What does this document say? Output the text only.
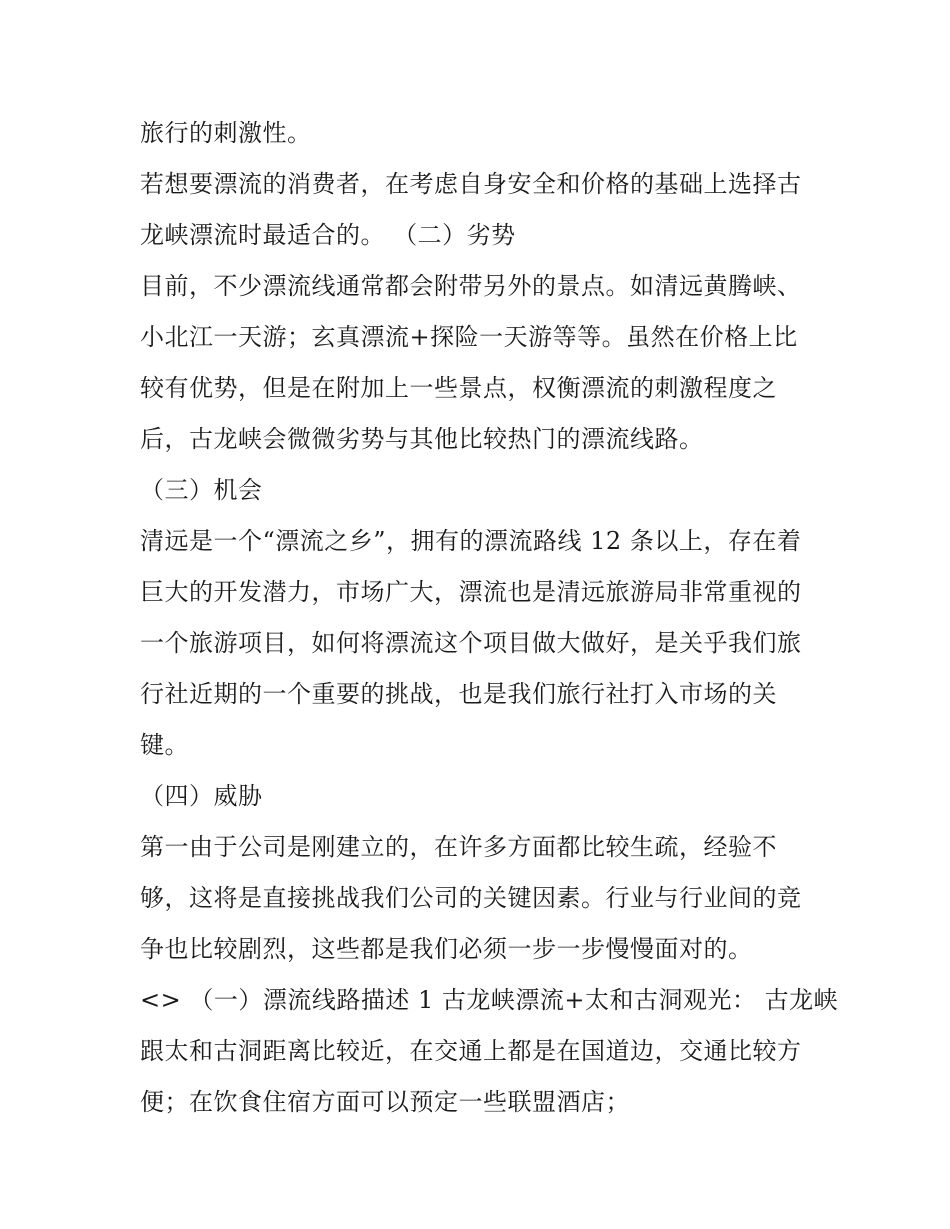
旅行的刺激性。
若想要漂流的消费者，在考虑自身安全和价格的基础上选择古
龙峡漂流时最适合的。 （二）劣势
目前，不少漂流线通常都会附带另外的景点。如清远黄腾峡、
小北江一天游；玄真漂流+探险一天游等等。虽然在价格上比
较有优势，但是在附加上一些景点，权衡漂流的刺激程度之
后，古龙峡会微微劣势与其他比较热门的漂流线路。
（三）机会
清远是一个“漂流之乡”，拥有的漂流路线 12 条以上，存在着
巨大的开发潜力，市场广大，漂流也是清远旅游局非常重视的
一个旅游项目，如何将漂流这个项目做大做好，是关乎我们旅
行社近期的一个重要的挑战，也是我们旅行社打入市场的关
键。
（四）威胁
第一由于公司是刚建立的，在许多方面都比较生疏，经验不
够，这将是直接挑战我们公司的关键因素。行业与行业间的竞
争也比较剧烈，这些都是我们必须一步一步慢慢面对的。
<> （一）漂流线路描述 1 古龙峡漂流+太和古洞观光： 古龙峡
跟太和古洞距离比较近，在交通上都是在国道边，交通比较方
便；在饮食住宿方面可以预定一些联盟酒店；
